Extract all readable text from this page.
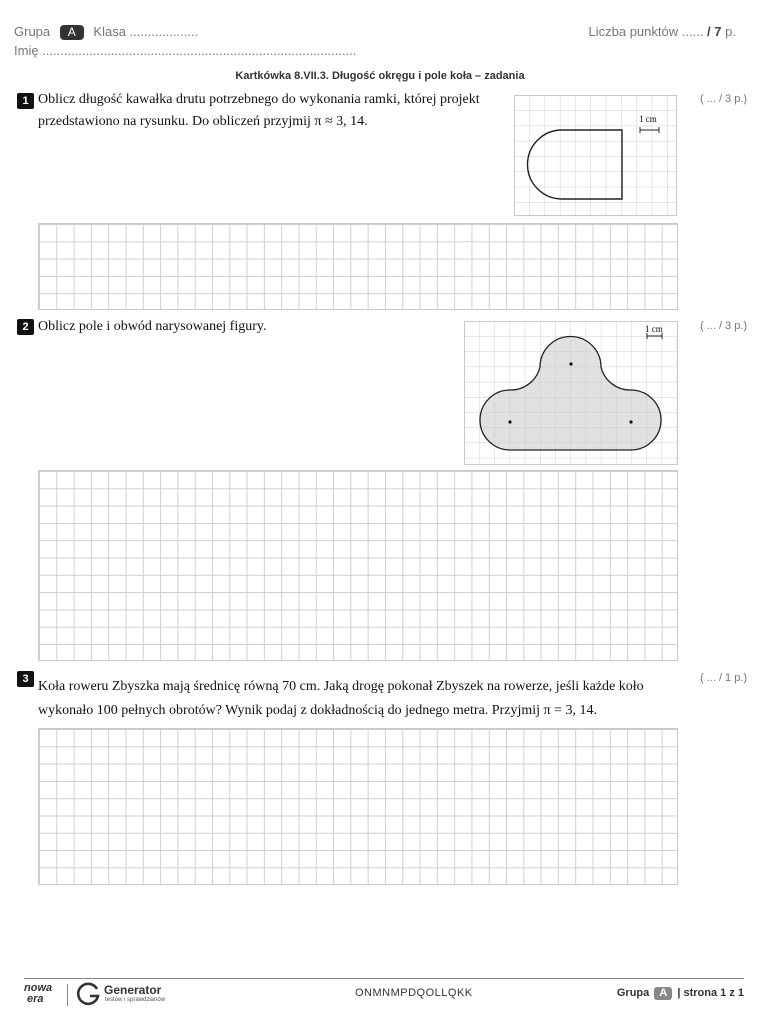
Grupa A Klasa ...................	Liczba punktów ...... / 7 p.
Imię .......................................................................................
Kartkówka 8.VII.3. Długość okręgu i pole koła – zadania
1 Oblicz długość kawałka drutu potrzebnego do wykonania ramki, której projekt
przedstawiono na rysunku. Do obliczeń przyjmij π ≈ 3, 14.
( ... / 3 p.)
1 cm
2 Oblicz pole i obwód narysowanej figury.	( ... / 3 p.)
1 cm
3 Koła roweru Zbyszka mają średnicę równą 70 cm. Jaką drogę pokonał Zbyszek na rowerze, jeśli każde koło
wykonało 100 pełnych obrotów? Wynik podaj z dokładnością do jednego metra. Przyjmij π = 3, 14.
( ... / 1 p.)
nowa
era
Generator
testów i sprawdzianów
ONMNMPDQOLLQKK	Grupa A | strona 1 z 1
